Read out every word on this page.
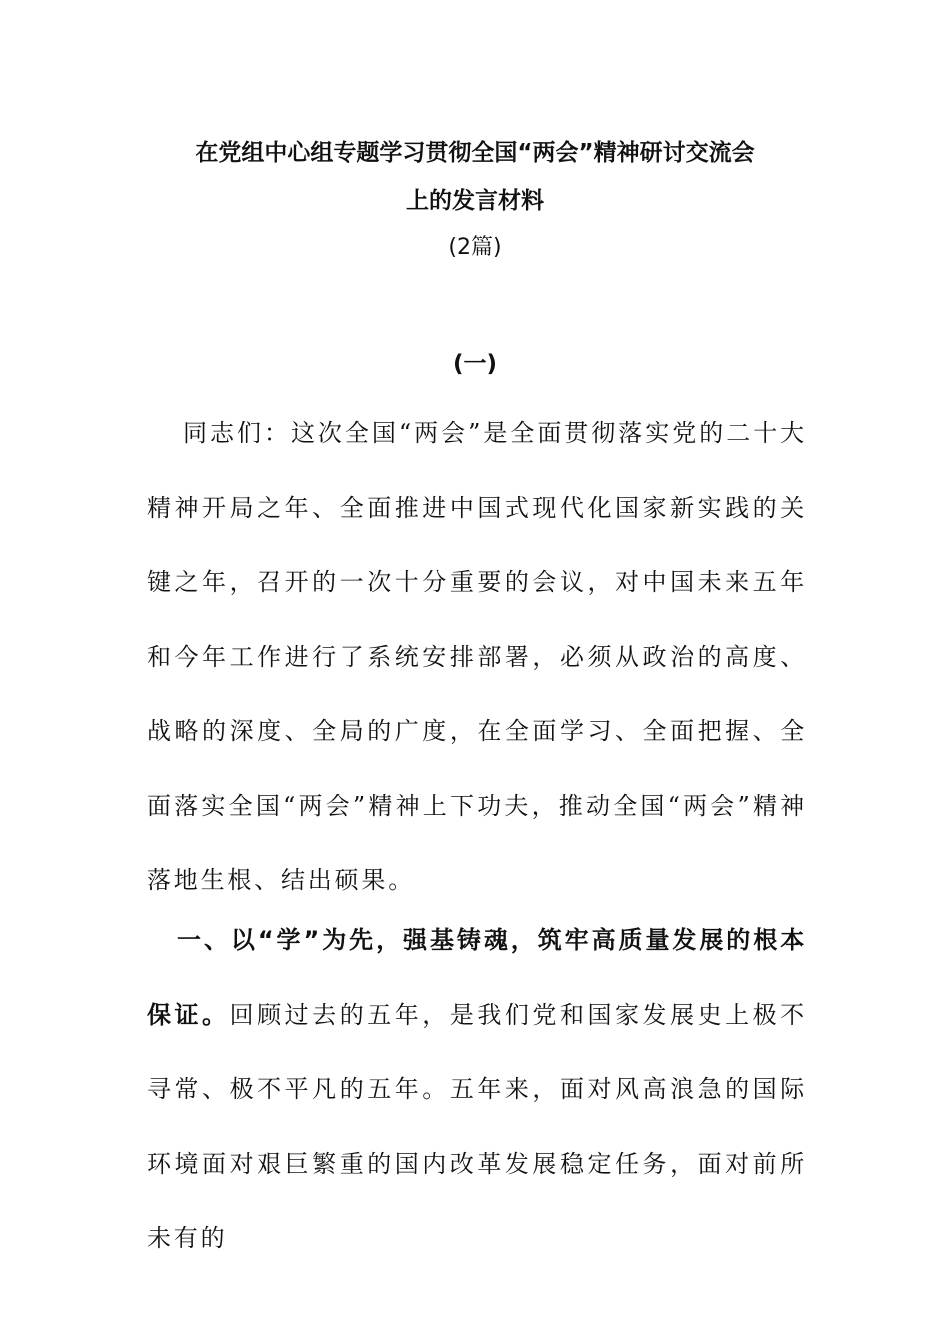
在党组中心组专题学习贯彻全国“两会”精神研讨交流会
上的发言材料
(2篇)
(一)

同志们：这次全国“两会”是全面贯彻落实党的二十大精神开局之年、全面推进中国式现代化国家新实践的关键之年，召开的一次十分重要的会议，对中国未来五年和今年工作进行了系统安排部署，必须从政治的高度、战略的深度、全局的广度，在全面学习、全面把握、全面落实全国“两会”精神上下功夫，推动全国“两会”精神落地生根、结出硕果。

一、以“学”为先，强基铸魂，筑牢高质量发展的根本保证。回顾过去的五年，是我们党和国家发展史上极不寻常、极不平凡的五年。五年来，面对风高浪急的国际环境面对艰巨繁重的国内改革发展稳定任务，面对前所未有的
